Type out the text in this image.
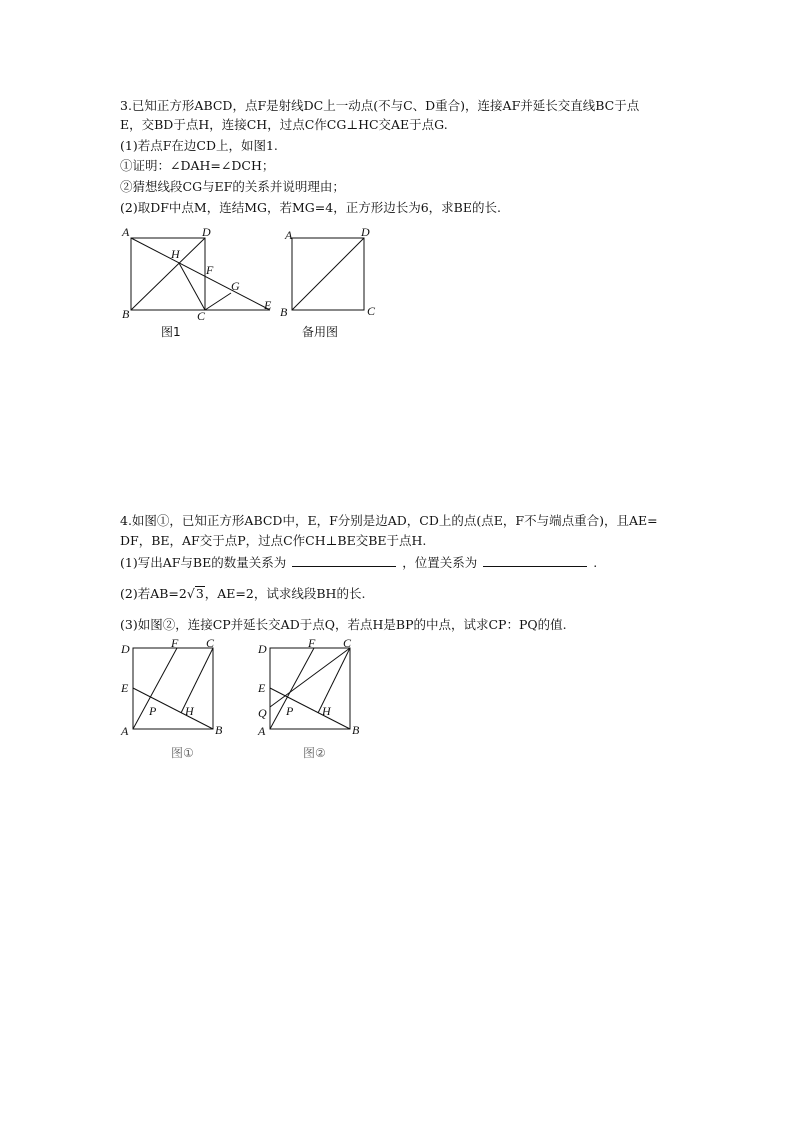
3.已知正方形ABCD，点F是射线DC上一动点(不与C、D重合)，连接AF并延长交直线BC于点
E，交BD于点H，连接CH，过点C作CG⊥HC交AE于点G.
(1)若点F在边CD上，如图1.
①证明：∠DAH=∠DCH；
②猜想线段CG与EF的关系并说明理由；
(2)取DF中点M，连结MG，若MG=4，正方形边长为6，求BE的长.
A	D
B	C
E
F
G
H
图1
A	D
B	C
备用图
4.如图①，已知正方形ABCD中，E，F分别是边AD，CD上的点(点E，F不与端点重合)，且AE=
DF，BE，AF交于点P，过点C作CH⊥BE交BE于点H.
(1)写出AF与BE的数量关系为	，位置关系为	.
(2)若AB=2√3，AE=2，试求线段BH的长.
(3)如图②，连接CP并延长交AD于点Q，若点H是BP的中点，试求CP：PQ的值.
D	F C
E
P H
A	B
图①
D	F C
E
Q P H
A	B
图②
